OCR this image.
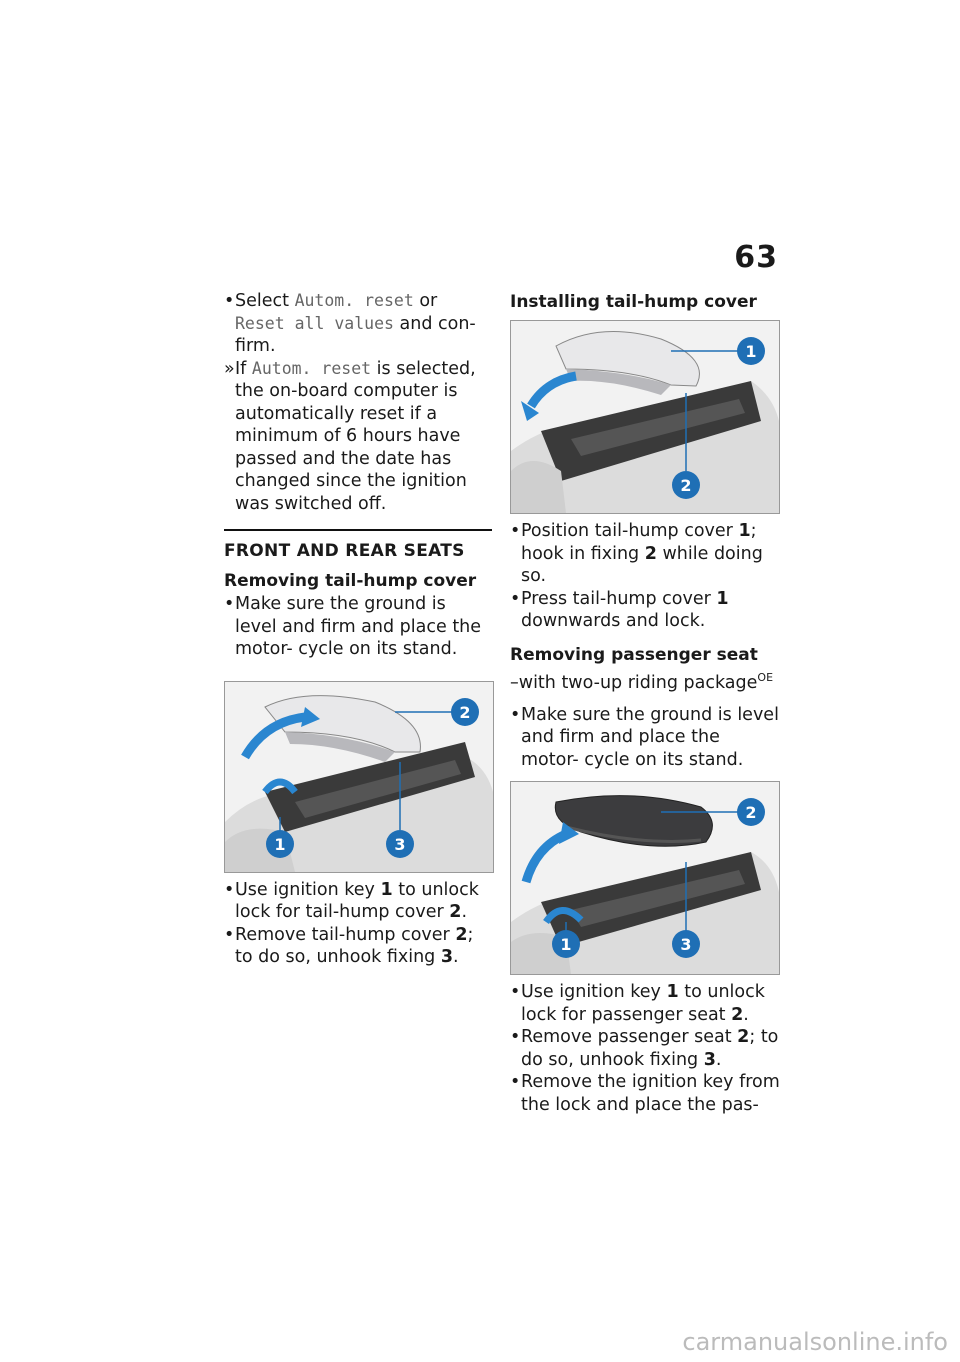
63
• Select Autom. reset or Reset all values and con- firm.
» If Autom. reset is selected, the on-board computer is automatically reset if a minimum of 6 hours have passed and the date has changed since the ignition was switched off.
FRONT AND REAR SEATS
Removing tail-hump cover
• Make sure the ground is level and firm and place the motor- cycle on its stand.
2
1	3
• Use ignition key 1 to unlock lock for tail-hump cover 2.
• Remove tail-hump cover 2; to do so, unhook fixing 3.
Installing tail-hump cover
1
2
• Position tail-hump cover 1; hook in fixing 2 while doing so.
• Press tail-hump cover 1 downwards and lock.
Removing passenger seat
–with two-up riding package$^{OE}$
• Make sure the ground is level and firm and place the motor- cycle on its stand.
2
1	3
• Use ignition key 1 to unlock lock for passenger seat 2.
• Remove passenger seat 2; to do so, unhook fixing 3.
• Remove the ignition key from the lock and place the pas-
carmanualsonline.info
